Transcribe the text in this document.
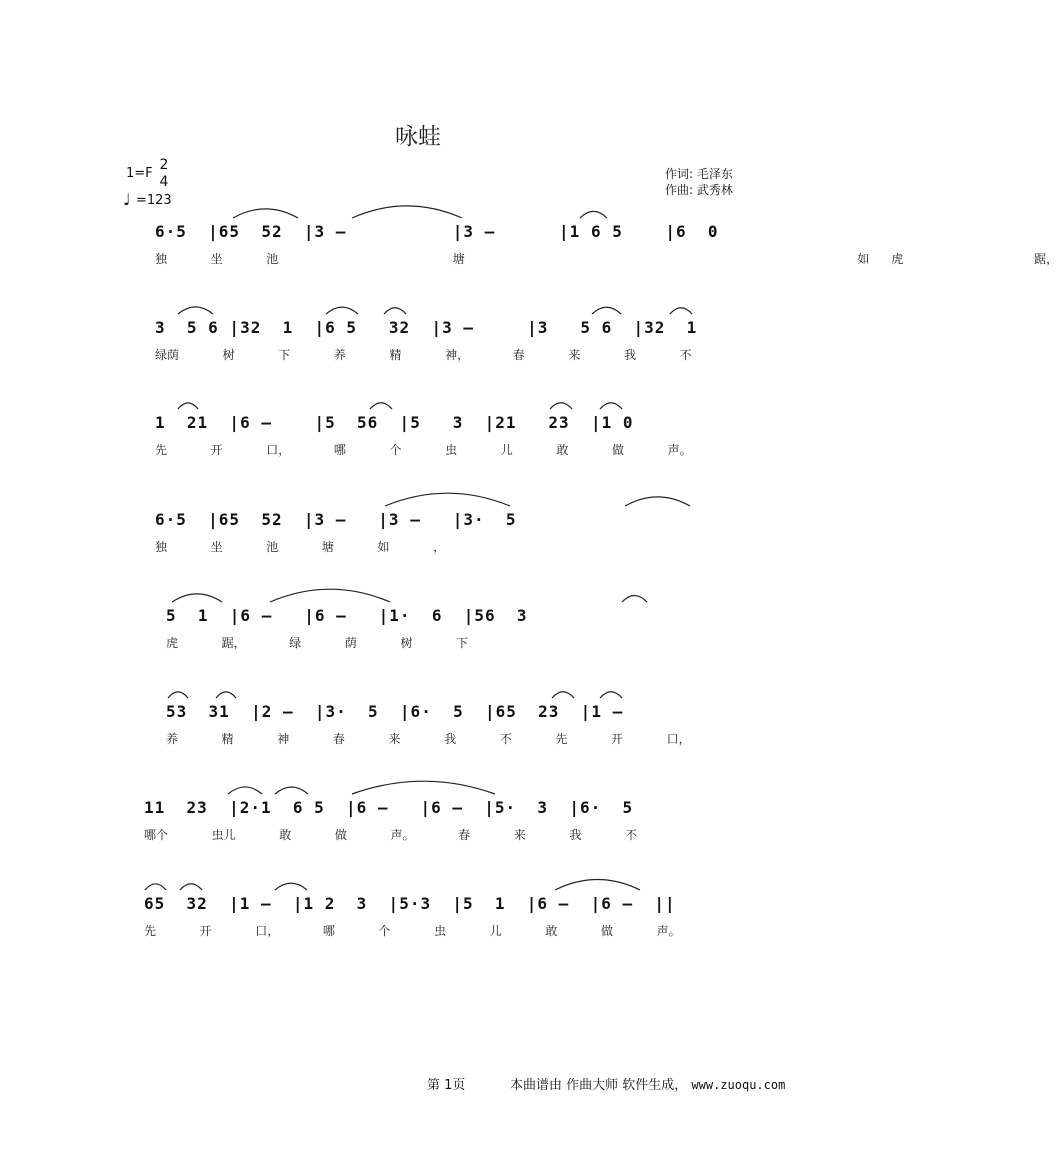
咏蛙
1=F
2
4
♩ =123
作词: 毛泽东
作曲: 武秀林
6·5  |65  52  |3 –          |3 –      |1 6 5    |6  0
独  坐  池        塘                  如 虎      踞，
3  5 6 |32  1  |6 5   32  |3 –     |3   5 6  |32  1
绿荫  树  下  养  精  神，  春  来  我  不
1  21  |6 –    |5  56  |5   3  |21   23  |1 0
先  开  口，  哪  个  虫  儿  敢  做  声。
6·5  |65  52  |3 –   |3 –   |3·  5
独  坐  池  塘  如  ，
5  1  |6 –   |6 –   |1·  6  |56  3
虎  踞，  绿  荫  树  下
53  31  |2 –  |3·  5  |6·  5  |65  23  |1 –
养  精  神  春  来  我  不  先  开  口，
11  23  |2·1  6 5  |6 –   |6 –  |5·  3  |6·  5
哪个  虫儿  敢  做  声。  春  来  我  不
65  32  |1 –  |1 2  3  |5·3  |5  1  |6 –  |6 –  ||
先  开  口，  哪  个  虫  儿  敢  做  声。
第 1页	本曲谱由 作曲大师 软件生成， www.zuoqu.com
